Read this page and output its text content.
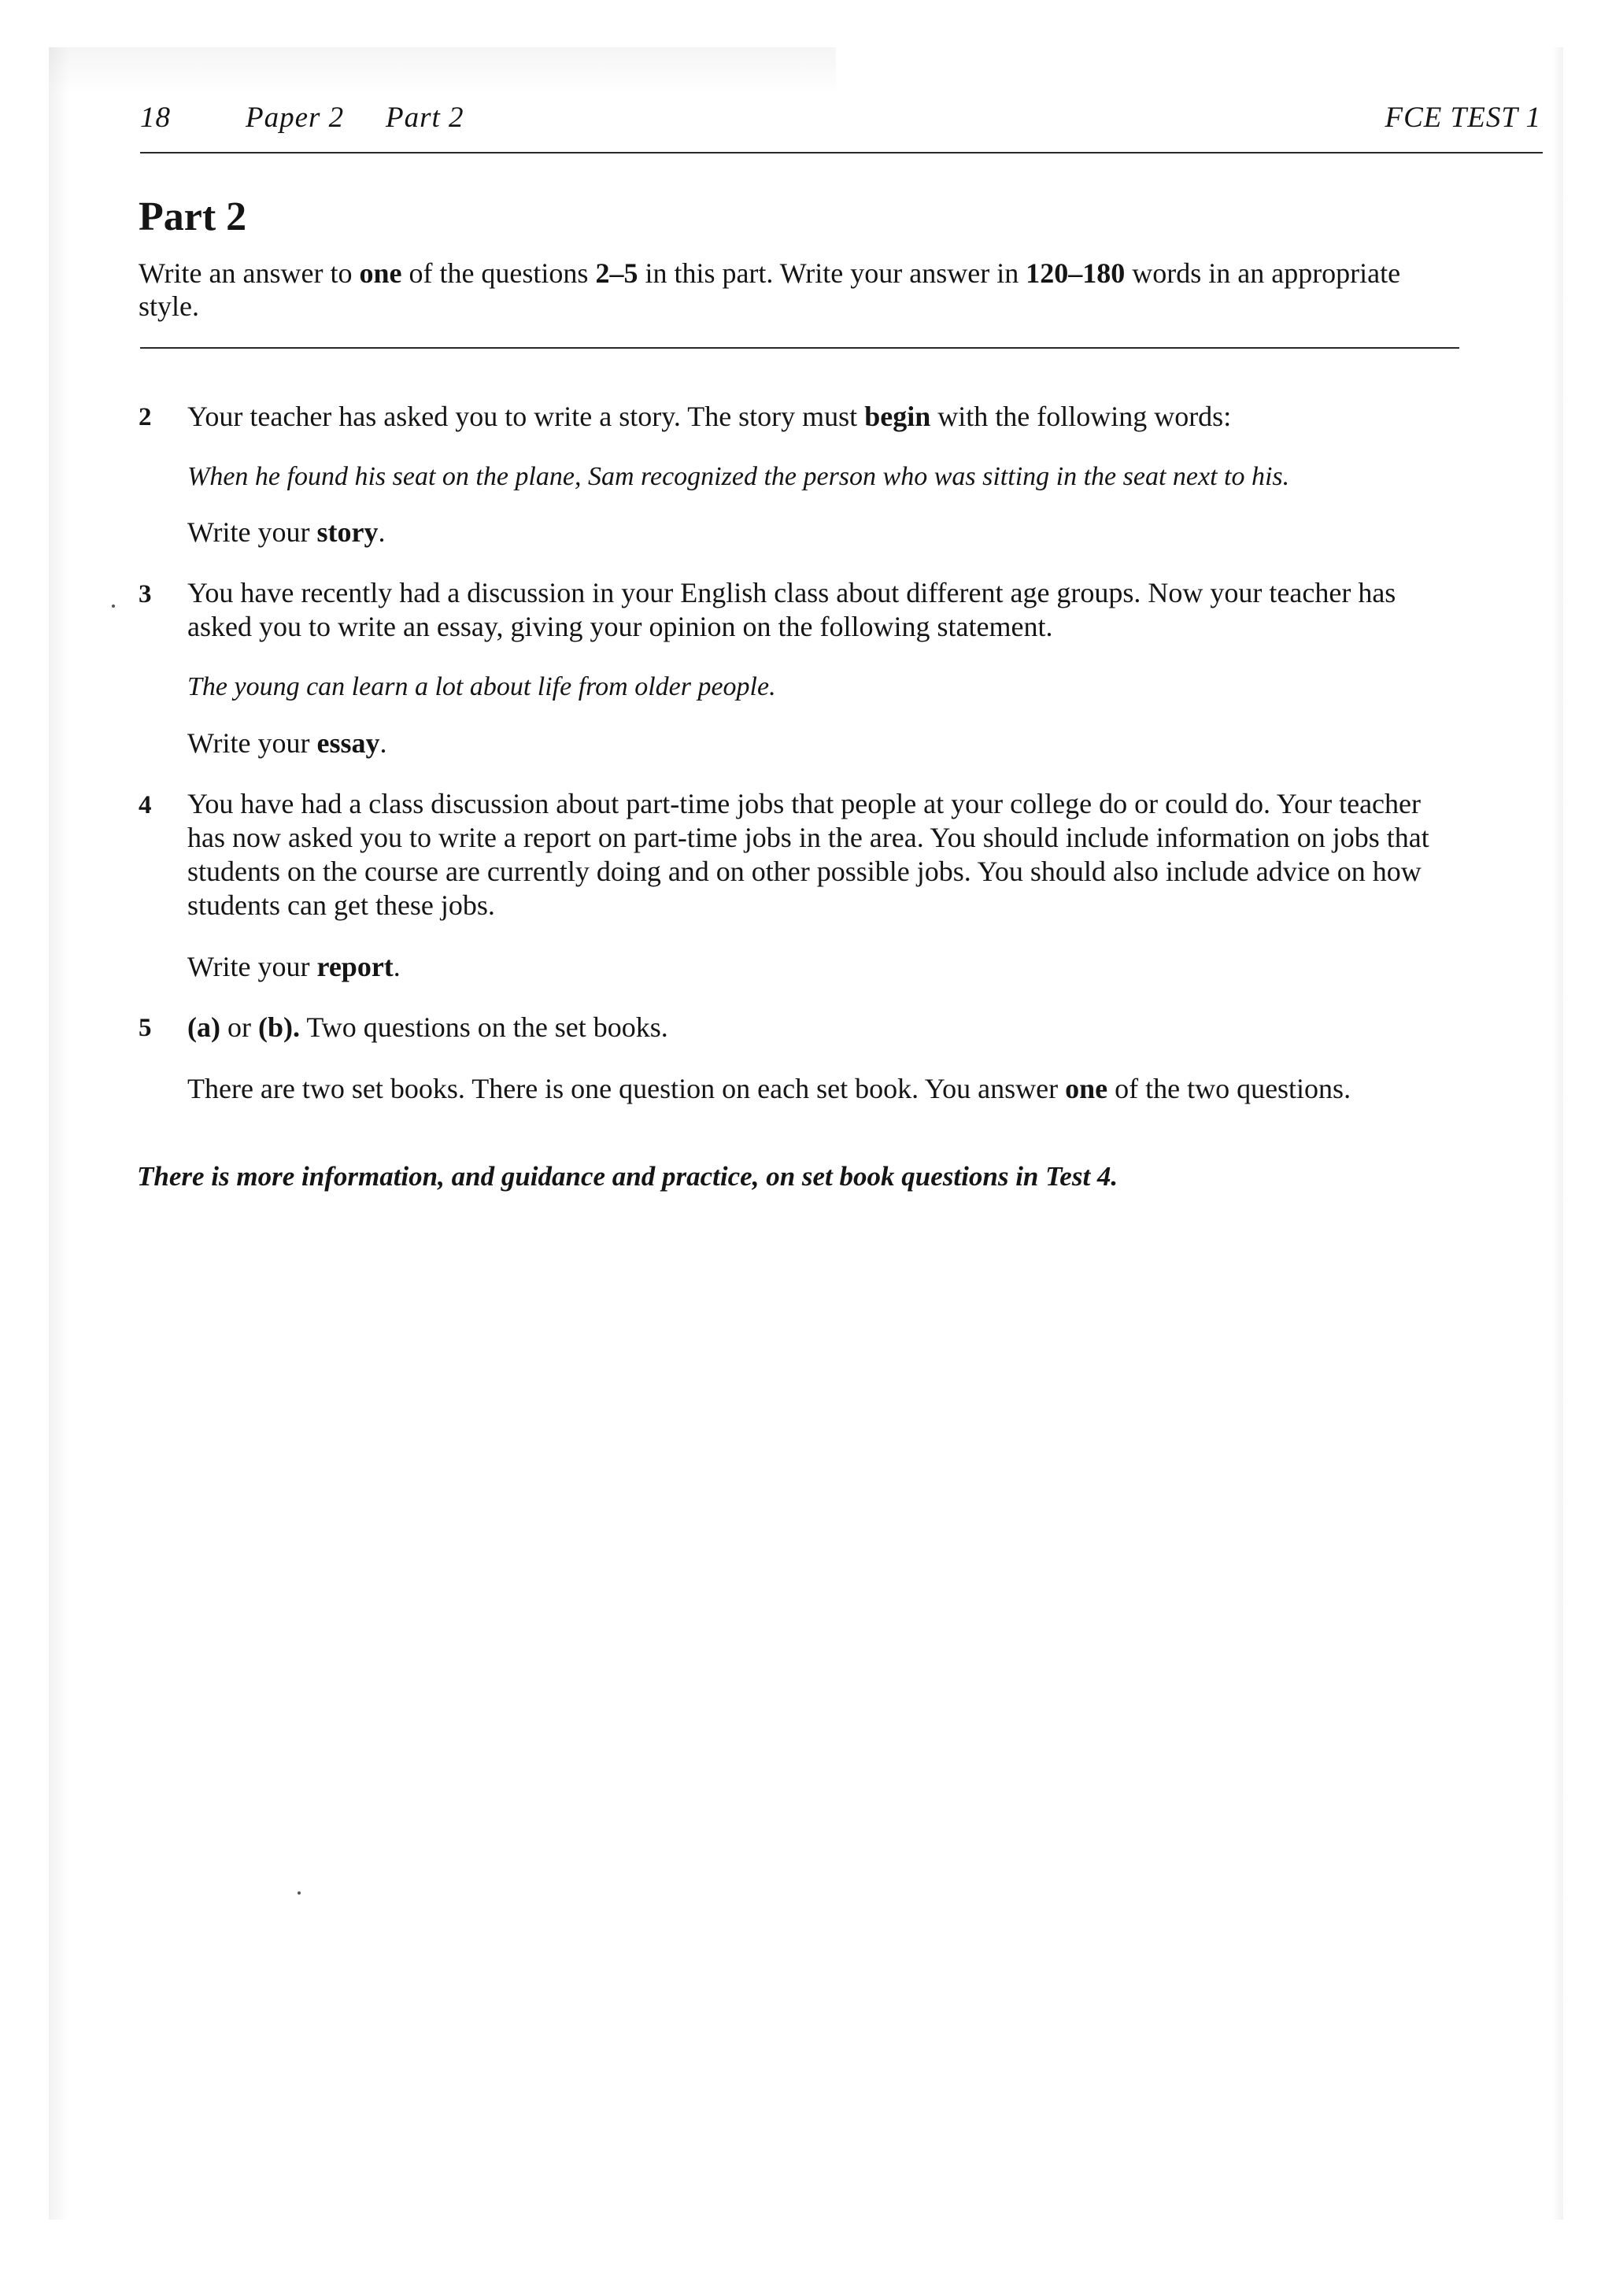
18	Paper 2 Part 2	FCE TEST 1
Part 2
Write an answer to one of the questions 2–5 in this part. Write your answer in 120–180 words in an appropriate style.
2 Your teacher has asked you to write a story. The story must begin with the following words:
When he found his seat on the plane, Sam recognized the person who was sitting in the seat next to his.
Write your story.
3 You have recently had a discussion in your English class about different age groups. Now your teacher has asked you to write an essay, giving your opinion on the following statement.
The young can learn a lot about life from older people.
Write your essay.
4 You have had a class discussion about part-time jobs that people at your college do or could do. Your teacher has now asked you to write a report on part-time jobs in the area. You should include information on jobs that students on the course are currently doing and on other possible jobs. You should also include advice on how students can get these jobs.
Write your report.
5 (a) or (b). Two questions on the set books.
There are two set books. There is one question on each set book. You answer one of the two questions.
There is more information, and guidance and practice, on set book questions in Test 4.
